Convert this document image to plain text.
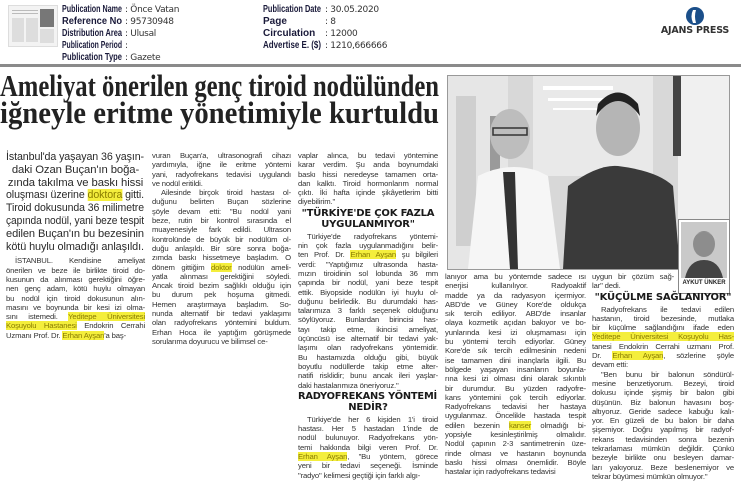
Publication Name : Önce Vatan
Reference No : 95730948
Distribution Area : Ulusal
Publication Period :
Publication Type : Gazete
Publication Date : 30.05.2020
Page	: 8
Circulation	: 12000
Advertise E. ($) : 1210,666666
AJANS PRESS
Ameliyat önerilen genç tiroid nodülünden
iğneyle eritme yönetimiyle kurtuldu
AYKUT ÜNKER
İstanbul'da yaşayan 36 yaşın-
daki Ozan Buçan'ın boğa-
zında takılma ve baskı hissi
oluşması üzerine doktora gitti.
Tiroid dokusunda 36 milimetre
çapında nodül, yani beze tespit
edilen Buçan'ın bu bezesinin
kötü huylu olmadığı anlaşıldı.
İSTANBUL. Kendisine ameliyat
önerilen ve beze ile birlikte tiroid do-
kusunun da alınması gerektiğini öğre-
nen genç adam, kötü huylu olmayan
bu nodül için tiroid dokusunun alın-
masını ve boynunda bir kesi izi olma-
sını istemedi. Yeditepe Üniversitesi
Koşuyolu Hastanesi Endokrin Cerrahi
Uzmanı Prof. Dr. Erhan Ayşan'a baş-
vuran Buçan'a, ultrasonografi cihazı
yardımıyla, iğne ile eritme yöntemi
yani, radyofrekans tedavisi uygulandı
ve nodül eritildi.
Ailesinde birçok tiroid hastası ol-
duğunu belirten Buçan sözlerine
şöyle devam etti: "Bu nodül yani
beze, rutin bir kontrol sırasında el
muayenesiyle fark edildi. Ultrason
kontrolünde de büyük bir nodülüm ol-
duğu anlaşıldı. Bir süre sonra boğa-
zımda baskı hissetmeye başladım. O
dönem gittiğim doktor nodülün ameli-
yatla alınması gerektiğini söyledi.
Ancak tiroid bezim sağlıklı olduğu için
bu durum pek hoşuma gitmedi.
Hemen araştırmaya başladım. So-
nunda alternatif bir tedavi yaklaşımı
olan radyofrekans yöntemini buldum.
Erhan Hoca ile yaptığım görüşmede
sorularıma doyurucu ve bilimsel ce-
vaplar alınca, bu tedavi yöntemine
karar verdim. Şu anda boynumdaki
baskı hissi neredeyse tamamen orta-
dan kalktı. Tiroid hormonlarım normal
çıktı. İki hafta içinde şikâyetlerim bitti
diyebilirim."
"TÜRKİYE'DE ÇOK FAZLA
UYGULANMIYOR"
Türkiye'de radyofrekans yöntemi-
nin çok fazla uygulanmadığını belir-
ten Prof. Dr. Erhan Ayşan şu bilgileri
verdi: "Yaptığımız ultrasonda hasta-
mızın tiroidinin sol lobunda 36 mm
çapında bir nodül, yani beze tespit
ettik. Biyopside nodülün iyi huylu ol-
duğunu belirledik. Bu durumdaki has-
talarımıza 3 farklı seçenek olduğunu
söylüyoruz. Bunlardan birincisi has-
tayı takip etme, ikincisi ameliyat,
üçüncüsü ise alternatif bir tedavi yak-
laşımı olan radyofrekans yöntemidir.
Bu hastamızda olduğu gibi, büyük
boyutlu nodüllerde takip etme alter-
natifi risklidir; bunu ancak ileri yaşlar-
daki hastalarımıza öneriyoruz."
RADYOFREKANS YÖNTEMİ
NEDİR?
Türkiye'de her 6 kişiden 1'i tiroid
hastası. Her 5 hastadan 1'inde de
nodül bulunuyor. Radyofrekans yön-
temi hakkında bilgi veren Prof. Dr.
Erhan Ayşan, "Bu yöntem, görece
yeni bir tedavi seçeneği. İsminde
"radyo" kelimesi geçtiği için farklı algı-
lanıyor ama bu yöntemde sadece ısı
enerjisi kullanılıyor. Radyoaktif
madde ya da radyasyon içermiyor.
ABD'de ve Güney Kore'de oldukça
sık tercih ediliyor. ABD'de insanlar
olaya kozmetik açıdan bakıyor ve bo-
yunlarında kesi izi oluşmaması için
bu yöntemi tercih ediyorlar. Güney
Kore'de sık tercih edilmesinin nedeni
ise tamamen dini inançlarla ilgili. Bu
bölgede yaşayan insanların boyunla-
rına kesi izi olması dini olarak sıkıntılı
bir durumdur. Bu yüzden radyofre-
kans yöntemini çok tercih ediyorlar.
Radyofrekans tedavisi her hastaya
uygulanmaz. Öncelikle hastada tespit
edilen bezenin kanser olmadığı bi-
yopsiyle kesinleştirilmiş olmalıdır.
Nodül çapının 2-3 santimetrenin üze-
rinde olması ve hastanın boynunda
baskı hissi olması önemlidir. Böyle
hastalar için radyofrekans tedavisi
uygun bir çözüm sağ-
lar" dedi.
"KÜÇÜLME SAĞLANIYOR"
Radyofrekans ile tedavi edilen
hastanın, tiroid bezesinde, mutlaka
bir küçülme sağlandığını ifade eden
Yeditepe Üniversitesi Koşuyolu Has-
tanesi Endokrin Cerrahi uzmanı Prof.
Dr. Erhan Ayşan, sözlerine şöyle
devam etti:
"Ben bunu bir balonun söndürül-
mesine benzetiyorum. Bezeyi, tiroid
dokusu içinde şişmiş bir balon gibi
düşünün. Biz balonun havasını boş-
altıyoruz. Geride sadece kabuğu kalı-
yor. En güzeli de bu balon bir daha
şişemiyor. Doğru yapılmış bir radyof-
rekans tedavisinden sonra bezenin
tekrarlaması mümkün değildir. Çünkü
bezeyle birlikte onu besleyen damar-
ları yakıyoruz. Beze beslenemiyor ve
tekrar büyümesi mümkün olmuyor."
